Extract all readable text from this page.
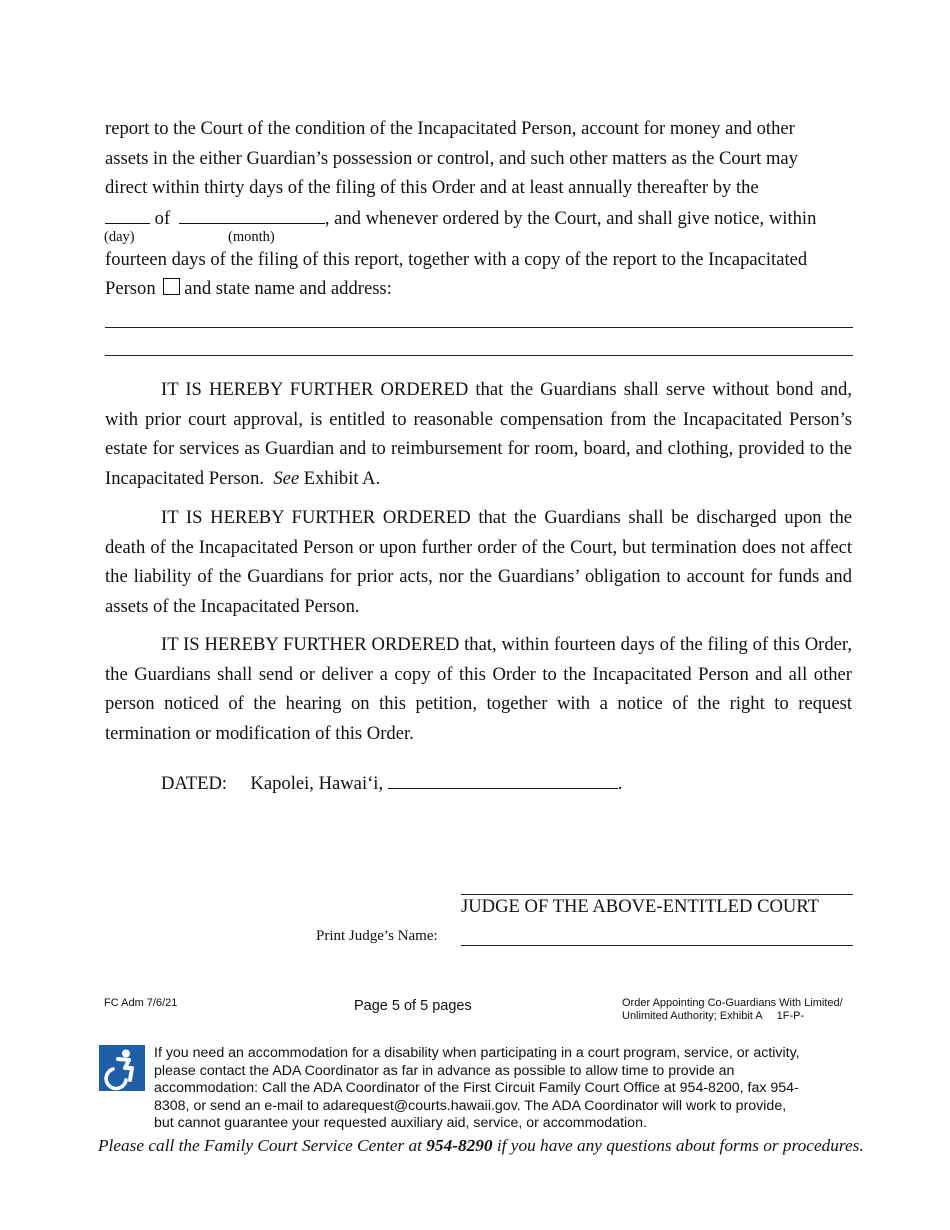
report to the Court of the condition of the Incapacitated Person, account for money and other
assets in the either Guardian’s possession or control, and such other matters as the Court may
direct within thirty days of the filing of this Order and at least annually thereafter by the
of	, and whenever ordered by the Court, and shall give notice, within
(day)	(month)
fourteen days of the filing of this report, together with a copy of the report to the Incapacitated
Person and state name and address:

IT IS HEREBY FURTHER ORDERED that the Guardians shall serve without bond and, with prior court approval, is entitled to reasonable compensation from the Incapacitated Person’s estate for services as Guardian and to reimbursement for room, board, and clothing, provided to the Incapacitated Person. See Exhibit A.

IT IS HEREBY FURTHER ORDERED that the Guardians shall be discharged upon the death of the Incapacitated Person or upon further order of the Court, but termination does not affect the liability of the Guardians for prior acts, nor the Guardians’ obligation to account for funds and assets of the Incapacitated Person.

IT IS HEREBY FURTHER ORDERED that, within fourteen days of the filing of this Order, the Guardians shall send or deliver a copy of this Order to the Incapacitated Person and all other person noticed of the hearing on this petition, together with a notice of the right to request termination or modification of this Order.

DATED: Kapolei, Hawai‘i,	.
JUDGE OF THE ABOVE-ENTITLED COURT
Print Judge’s Name:
FC Adm 7/6/21	Page 5 of 5 pages	Order Appointing Co-Guardians With Limited/
Unlimited Authority; Exhibit A 1F-P-
If you need an accommodation for a disability when participating in a court program, service, or activity,
please contact the ADA Coordinator as far in advance as possible to allow time to provide an
accommodation: Call the ADA Coordinator of the First Circuit Family Court Office at 954-8200, fax 954-
8308, or send an e-mail to adarequest@courts.hawaii.gov. The ADA Coordinator will work to provide,
but cannot guarantee your requested auxiliary aid, service, or accommodation.
Please call the Family Court Service Center at 954-8290 if you have any questions about forms or procedures.
